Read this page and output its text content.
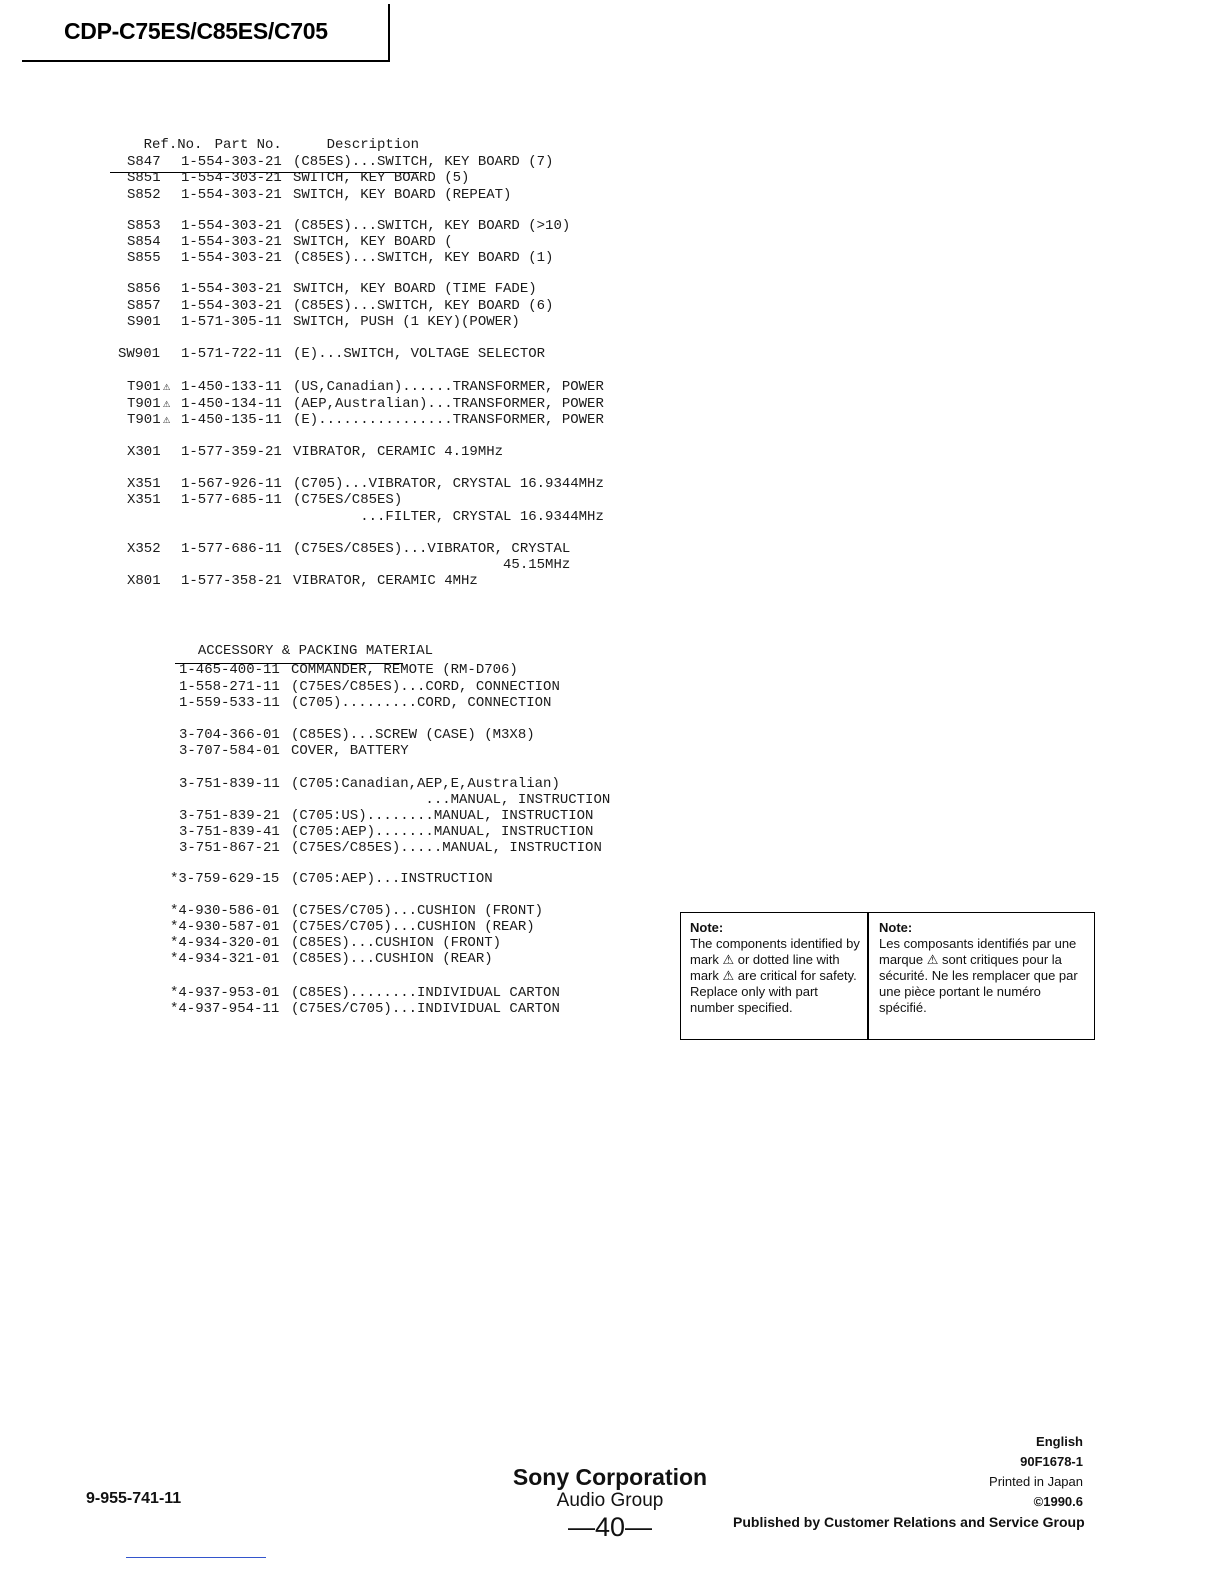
CDP-C75ES/C85ES/C705

Ref.No.

Part No.

	Description

S847 1-554-303-21 (C85ES)...SWITCH, KEY BOARD (7)
S851 1-554-303-21 SWITCH, KEY BOARD (5)
S852 1-554-303-21 SWITCH, KEY BOARD (REPEAT)
S853 1-554-303-21 (C85ES)...SWITCH, KEY BOARD (>10)
S854 1-554-303-21 SWITCH, KEY BOARD (
S855 1-554-303-21 (C85ES)...SWITCH, KEY BOARD (1)
S856 1-554-303-21 SWITCH, KEY BOARD (TIME FADE)
S857 1-554-303-21 (C85ES)...SWITCH, KEY BOARD (6)
S901 1-571-305-11 SWITCH, PUSH (1 KEY)(POWER)
SW901 1-571-722-11 (E)...SWITCH, VOLTAGE SELECTOR
T901 ⚠ 1-450-133-11 (US,Canadian)......TRANSFORMER, POWER
T901 ⚠ 1-450-134-11 (AEP,Australian)...TRANSFORMER, POWER
T901 ⚠ 1-450-135-11 (E)................TRANSFORMER, POWER
X301 1-577-359-21 VIBRATOR, CERAMIC 4.19MHz
X351 1-567-926-11 (C705)...VIBRATOR, CRYSTAL 16.9344MHz
X351 1-577-685-11 (C75ES/C85ES)
...FILTER, CRYSTAL 16.9344MHz
X352 1-577-686-11 (C75ES/C85ES)...VIBRATOR, CRYSTAL
45.15MHz
X801 1-577-358-21 VIBRATOR, CERAMIC 4MHz

ACCESSORY & PACKING MATERIAL

1-465-400-11 COMMANDER, REMOTE (RM-D706)
1-558-271-11 (C75ES/C85ES)...CORD, CONNECTION
1-559-533-11 (C705).........CORD, CONNECTION
3-704-366-01 (C85ES)...SCREW (CASE) (M3X8)
3-707-584-01 COVER, BATTERY
3-751-839-11 (C705:Canadian,AEP,E,Australian)
...MANUAL, INSTRUCTION
3-751-839-21 (C705:US)........MANUAL, INSTRUCTION
3-751-839-41 (C705:AEP).......MANUAL, INSTRUCTION
3-751-867-21 (C75ES/C85ES).....MANUAL, INSTRUCTION
*3-759-629-15 (C705:AEP)...INSTRUCTION
*4-930-586-01 (C75ES/C705)...CUSHION (FRONT)
*4-930-587-01 (C75ES/C705)...CUSHION (REAR)
*4-934-320-01 (C85ES)...CUSHION (FRONT)
*4-934-321-01 (C85ES)...CUSHION (REAR)
*4-937-953-01 (C85ES)........INDIVIDUAL CARTON
*4-937-954-11 (C75ES/C705)...INDIVIDUAL CARTON
Note:
The components identified by mark ⚠ or dotted line with mark ⚠ are critical for safety. Replace only with part number specified.
Note:
Les composants identifiés par une marque ⚠ sont critiques pour la sécurité. Ne les remplacer que par une pièce portant le numéro spécifié.
9-955-741-11
Sony Corporation
Audio Group
—40—
English
90F1678-1
Printed in Japan
©1990.6
Published by Customer Relations and Service Group
